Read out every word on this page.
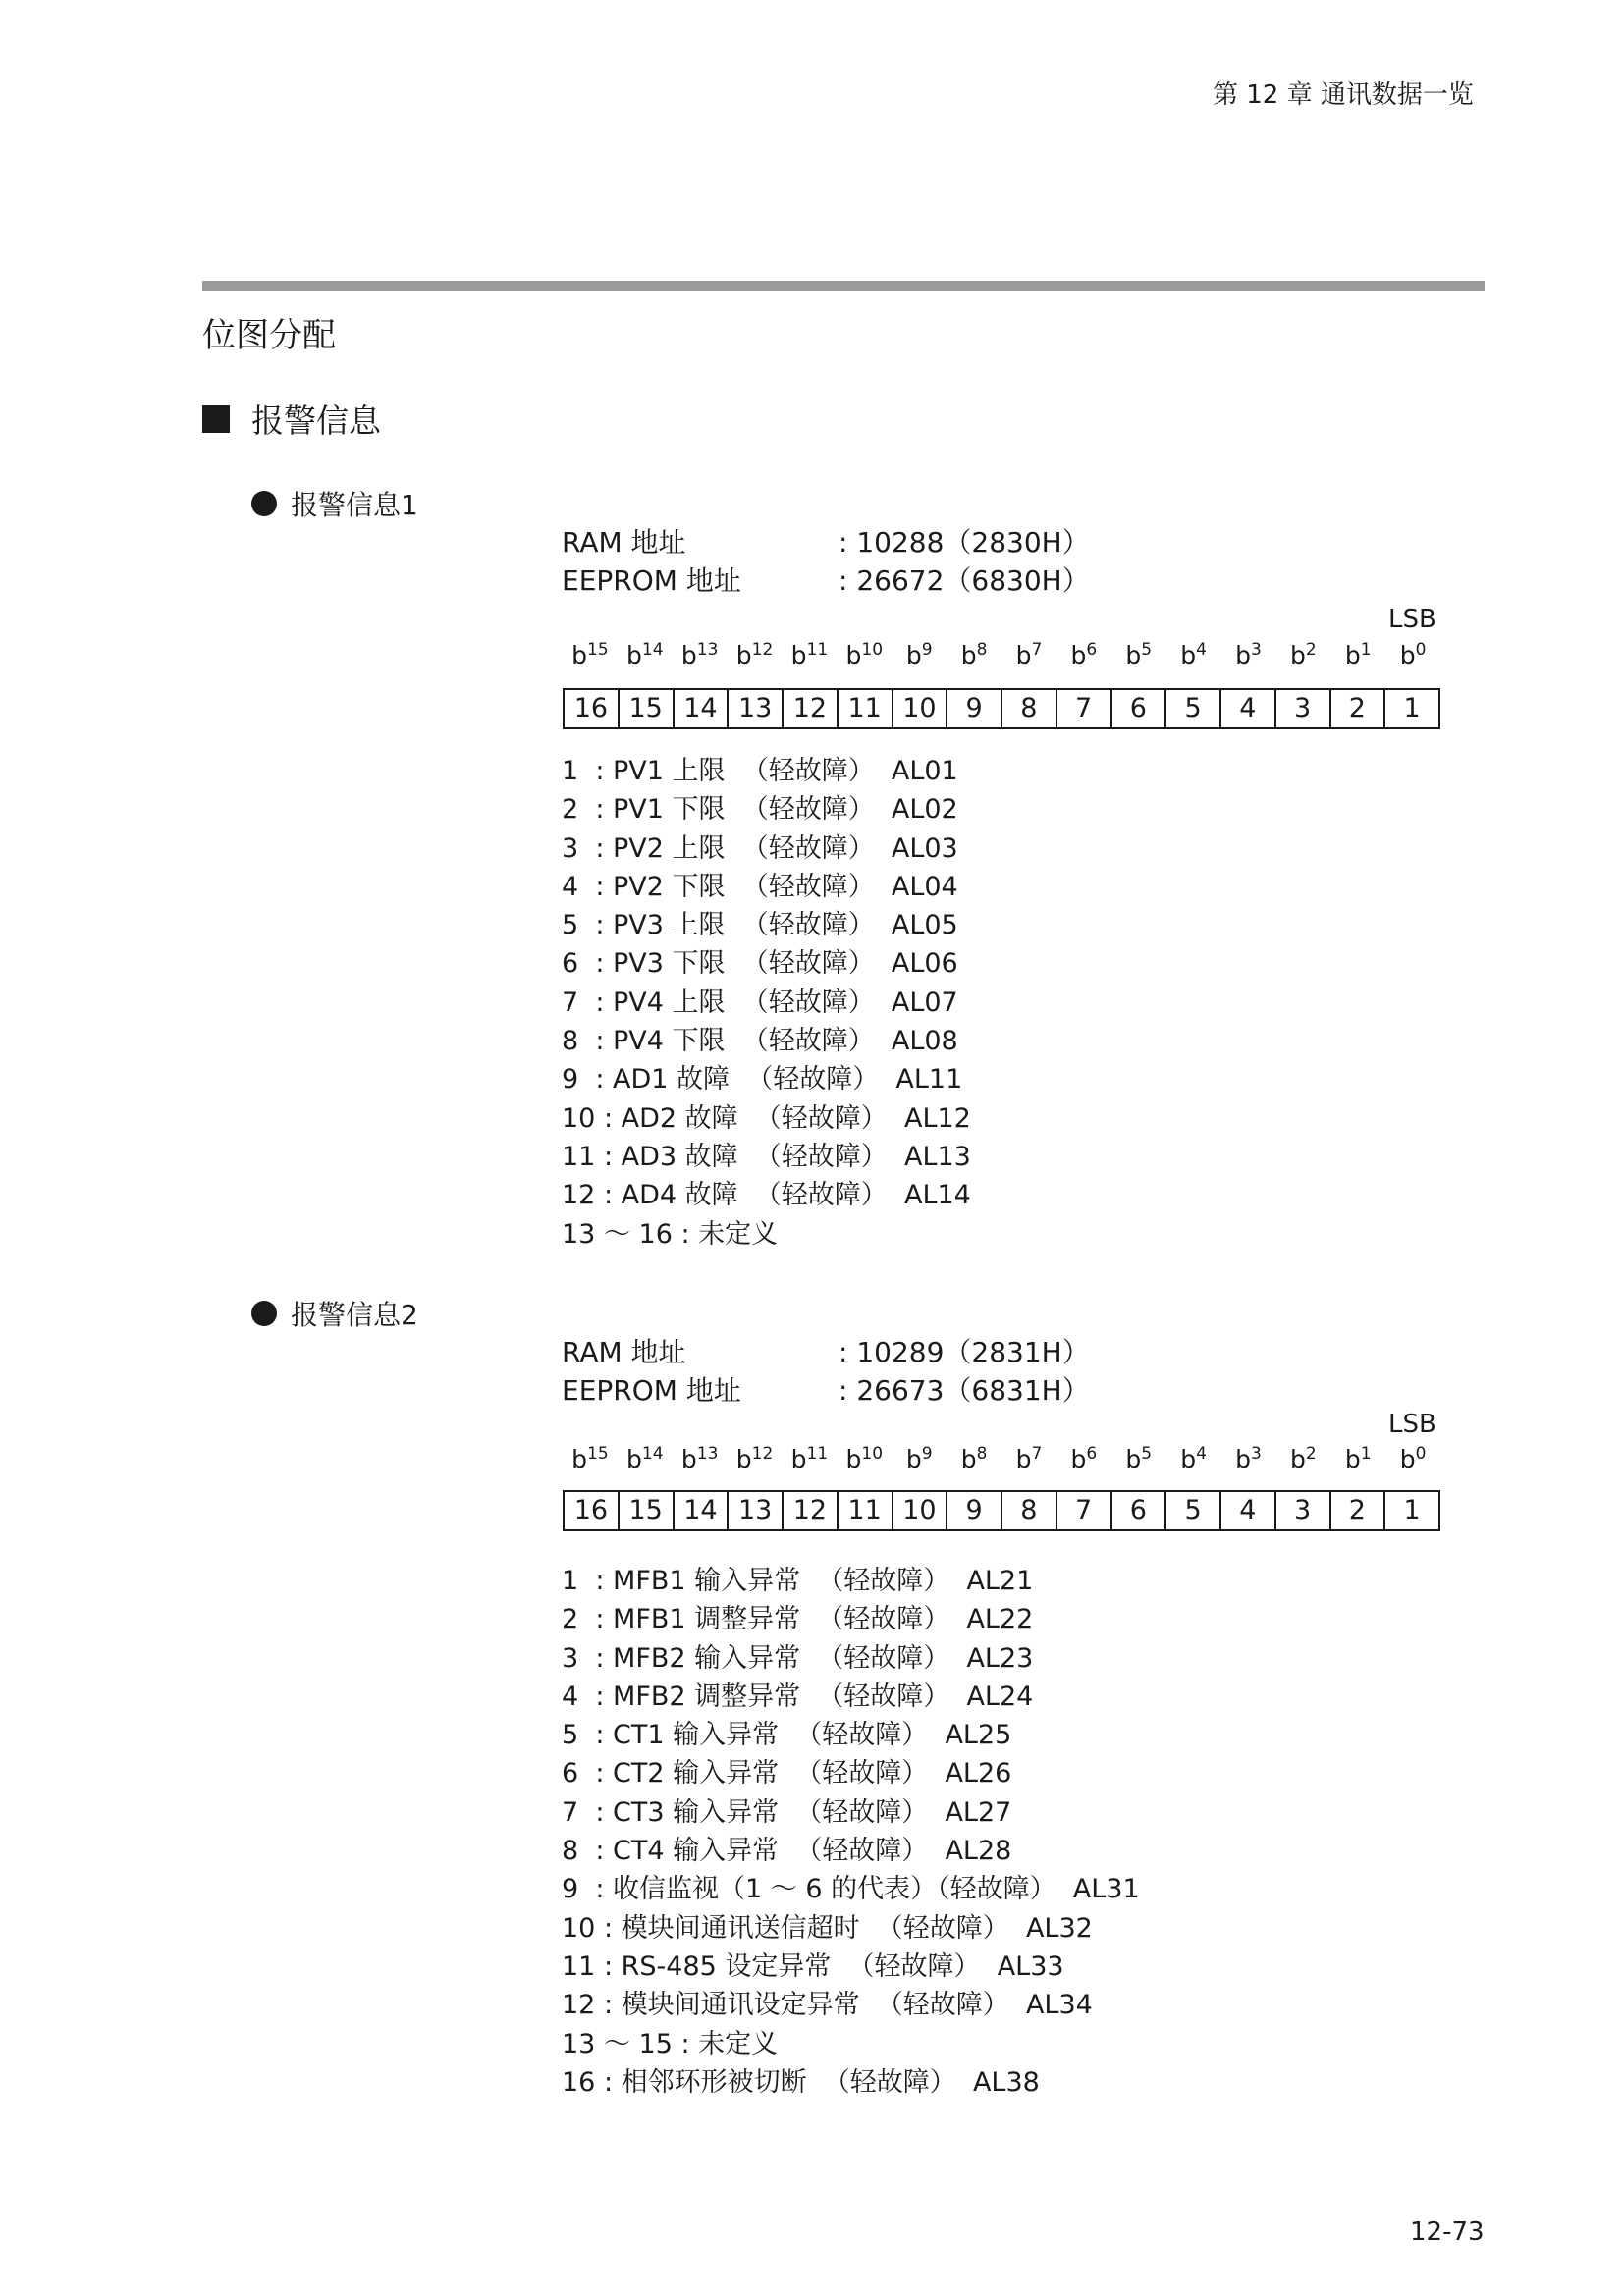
第 12 章 通讯数据一览
位图分配
报警信息
报警信息1
RAM 地址	: 10288（2830H）
EEPROM 地址	: 26672（6830H）
LSB
$b^{15}$ $b^{14}$ $b^{13}$ $b^{12}$ $b^{11}$ $b^{10}$ $b^9$	$b^8$	$b^7$	$b^6$	$b^5$	$b^4$	$b^3$	$b^2$	$b^1$	$b^0$
16 15 14 13 12 11 10	9	8	7	6	5	4	3	2	1
1  : PV1 上限  （轻故障）  AL01
2  : PV1 下限  （轻故障）  AL02
3  : PV2 上限  （轻故障）  AL03
4  : PV2 下限  （轻故障）  AL04
5  : PV3 上限  （轻故障）  AL05
6  : PV3 下限  （轻故障）  AL06
7  : PV4 上限  （轻故障）  AL07
8  : PV4 下限  （轻故障）  AL08
9  : AD1 故障  （轻故障）  AL11
10 : AD2 故障  （轻故障）  AL12
11 : AD3 故障  （轻故障）  AL13
12 : AD4 故障  （轻故障）  AL14
13 ～ 16 : 未定义
报警信息2
RAM 地址	: 10289（2831H）
EEPROM 地址	: 26673（6831H）
LSB
$b^{15}$ $b^{14}$ $b^{13}$ $b^{12}$ $b^{11}$ $b^{10}$ $b^9$	$b^8$	$b^7$	$b^6$	$b^5$	$b^4$	$b^3$	$b^2$	$b^1$	$b^0$
16 15 14 13 12 11 10	9	8	7	6	5	4	3	2	1
1  : MFB1 输入异常  （轻故障）  AL21
2  : MFB1 调整异常  （轻故障）  AL22
3  : MFB2 输入异常  （轻故障）  AL23
4  : MFB2 调整异常  （轻故障）  AL24
5  : CT1 输入异常  （轻故障）  AL25
6  : CT2 输入异常  （轻故障）  AL26
7  : CT3 输入异常  （轻故障）  AL27
8  : CT4 输入异常  （轻故障）  AL28
9  : 收信监视（1 ～ 6 的代表）（轻故障）  AL31
10 : 模块间通讯送信超时  （轻故障）  AL32
11 : RS-485 设定异常  （轻故障）  AL33
12 : 模块间通讯设定异常  （轻故障）  AL34
13 ～ 15 : 未定义
16 : 相邻环形被切断  （轻故障）  AL38
12-73
